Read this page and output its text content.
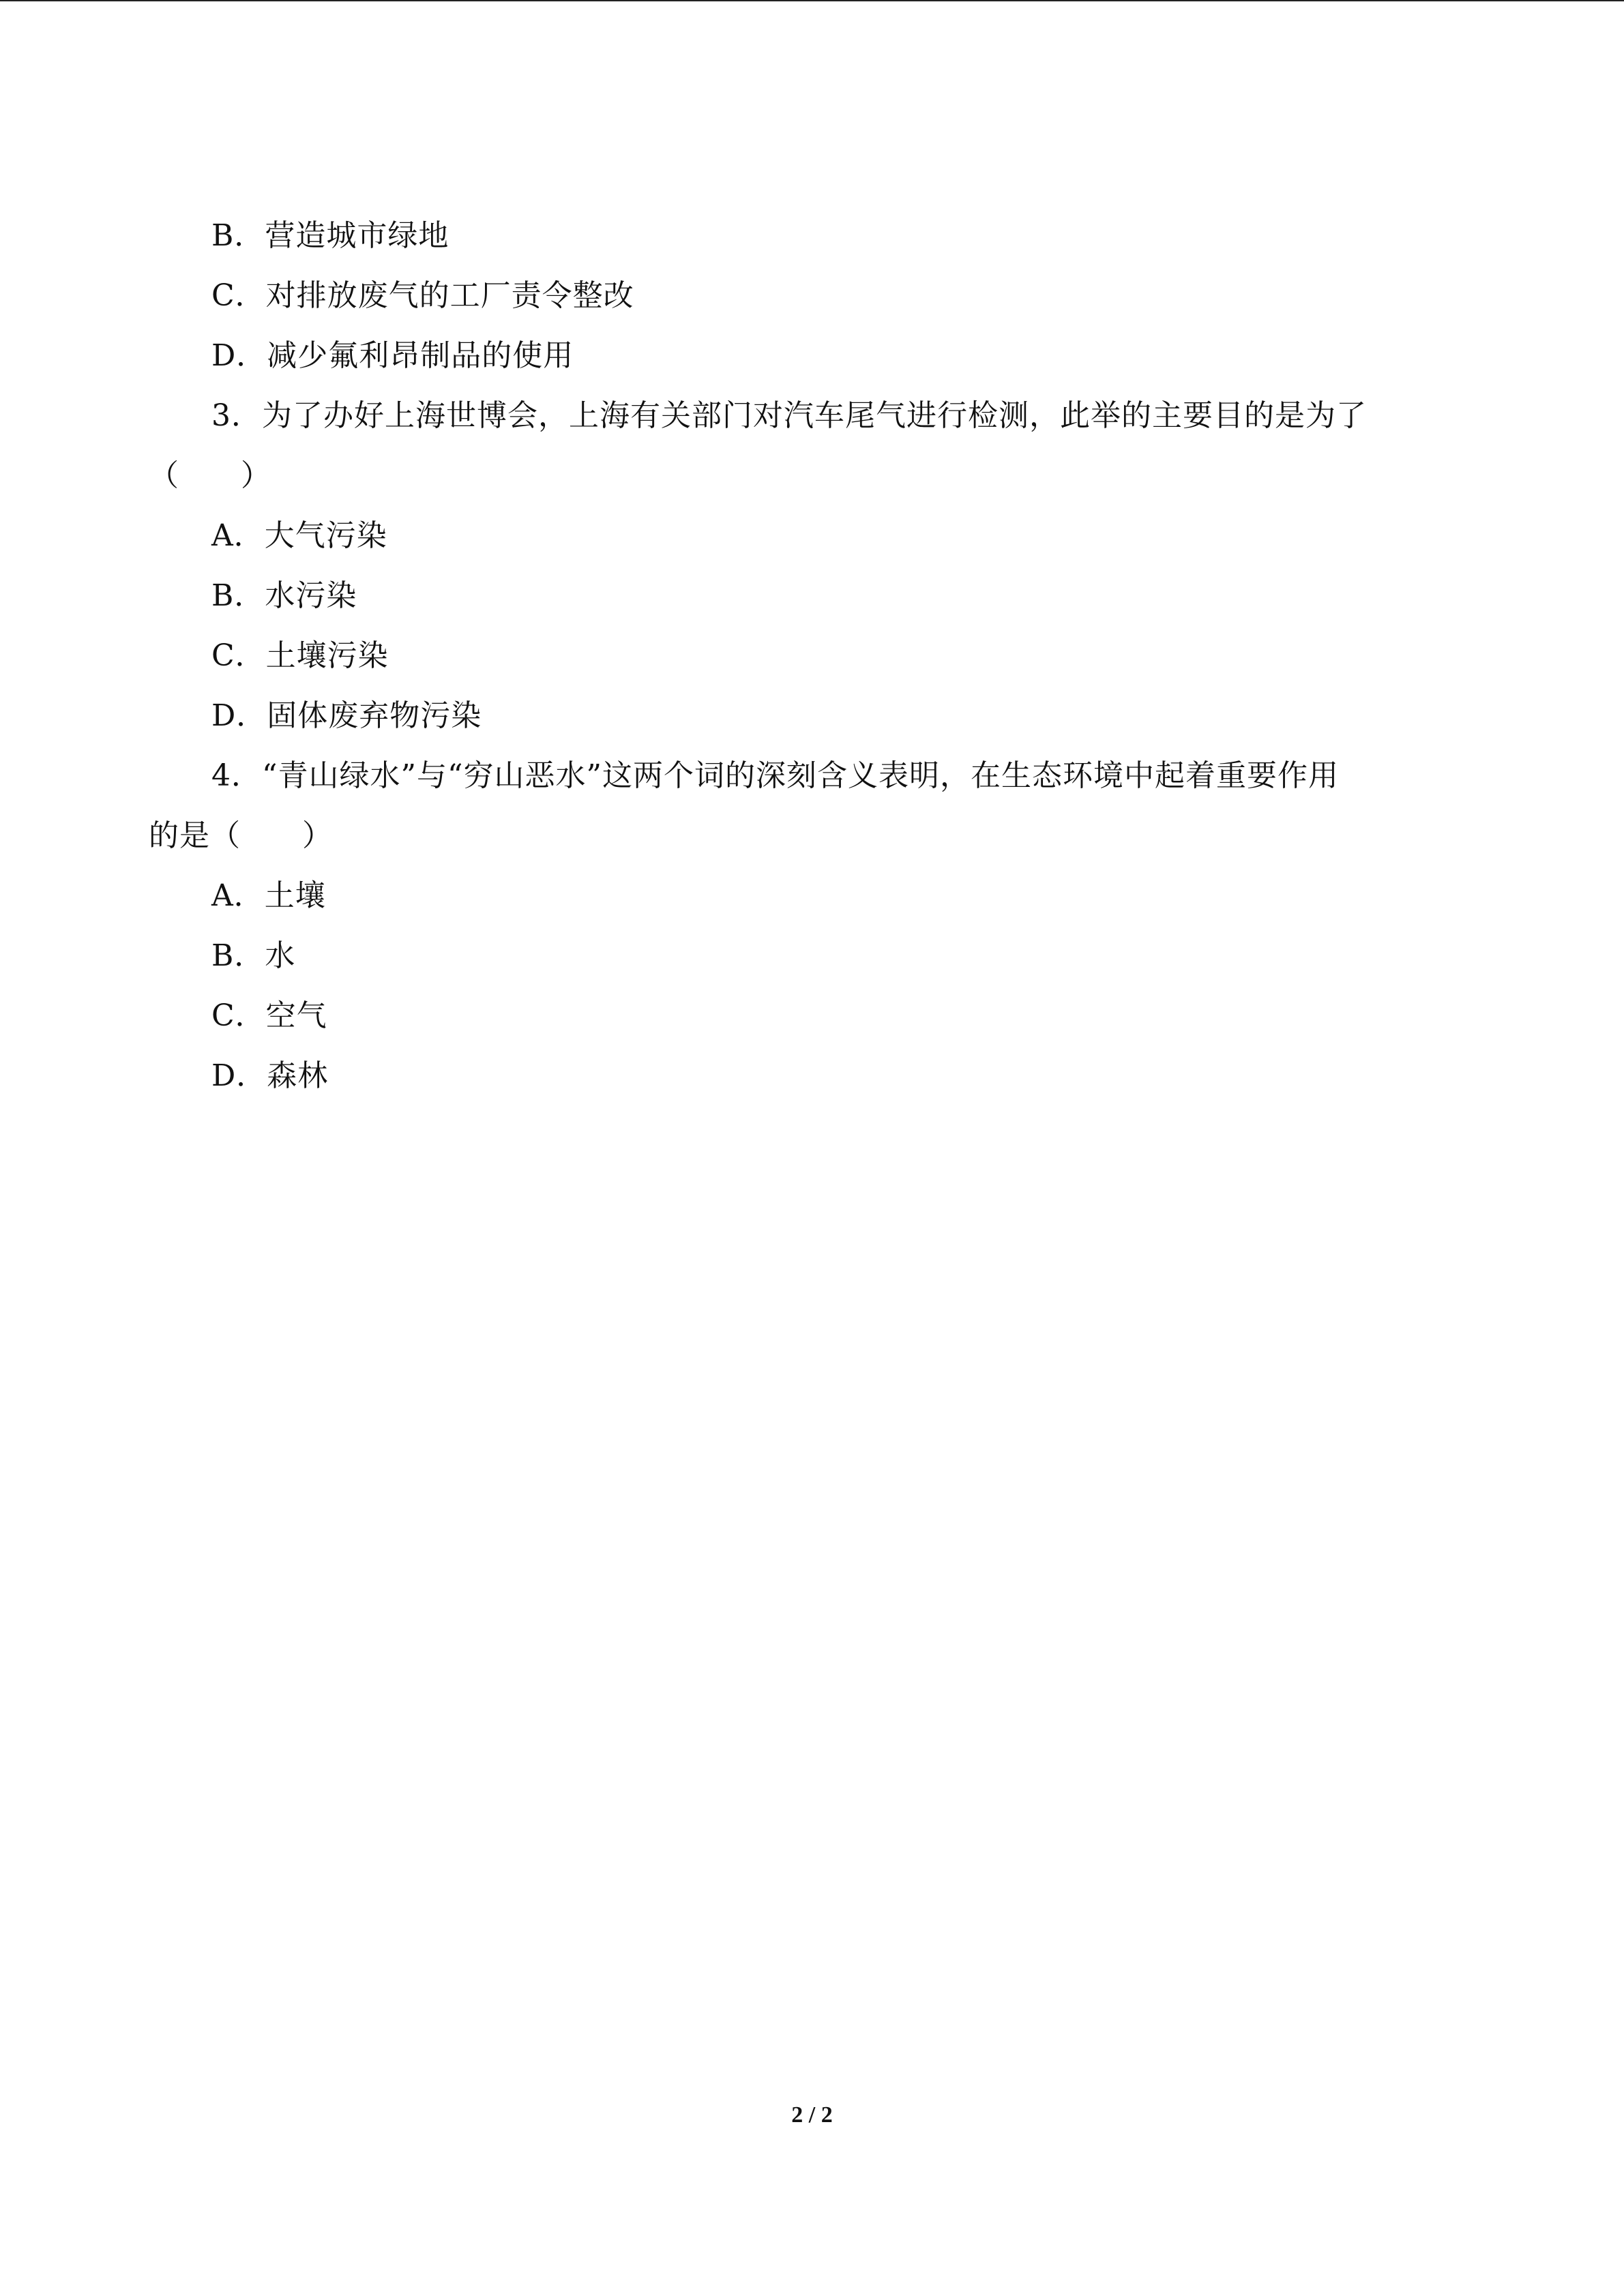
B．营造城市绿地
C．对排放废气的工厂责令整改
D．减少氟利昂制品的使用
3．为了办好上海世博会，上海有关部门对汽车尾气进行检测，此举的主要目的是为了
（　　）
A．大气污染
B．水污染
C．土壤污染
D．固体废弃物污染
4．“青山绿水”与“穷山恶水”这两个词的深刻含义表明，在生态环境中起着重要作用
的是（　　）
A．土壤
B．水
C．空气
D．森林
2 / 2
